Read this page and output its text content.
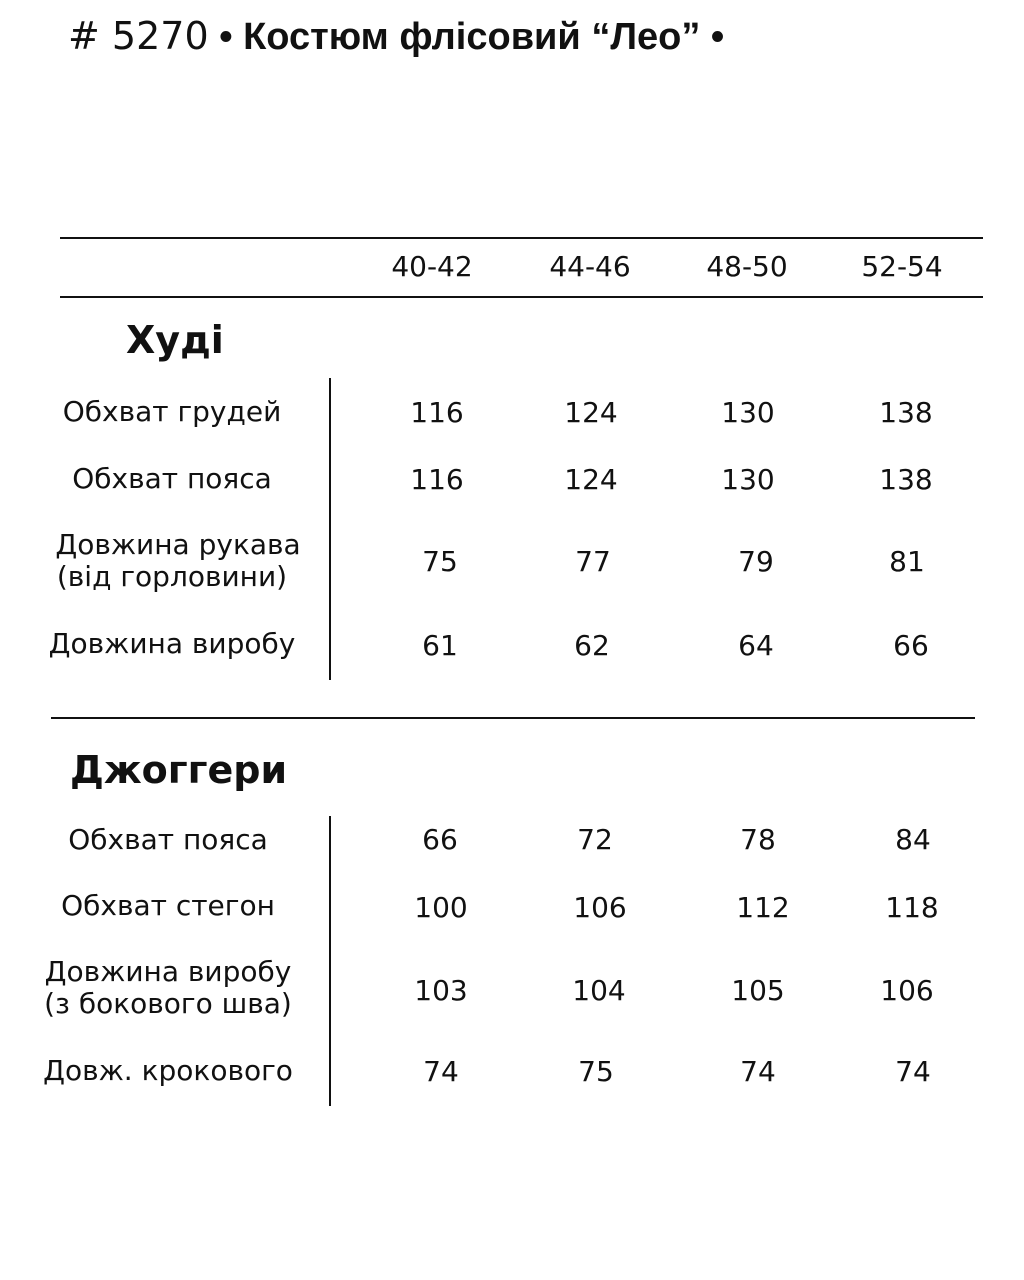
# 5270 • Костюм флісовий “Лео” •
40-42	44-46	48-50	52-54
Худі
Обхват грудей	116	124	130	138
Обхват пояса	116	124	130	138
Довжина рукава
(від горловини)	75	77	79	81
Довжина виробу	61	62	64	66
Джоггери
Обхват пояса	66	72	78	84
Обхват стегон	100	106	112	118
Довжина виробу
(з бокового шва)	103	104	105	106
Довж. крокового	74	75	74	74
